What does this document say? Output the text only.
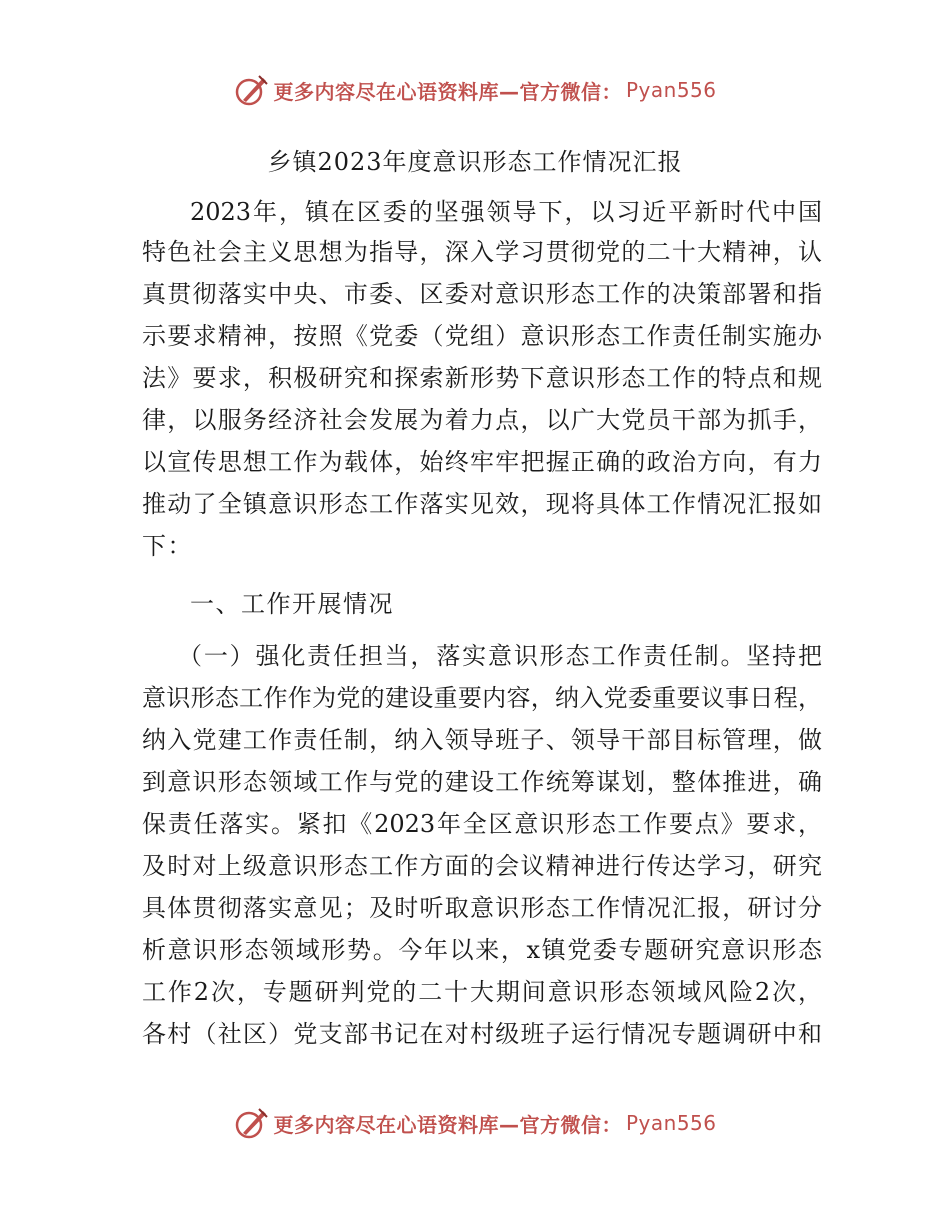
更多内容尽在心语资料库—官方微信： Pyan556
乡镇2023年度意识形态工作情况汇报
2023年，镇在区委的坚强领导下，以习近平新时代中国
特色社会主义思想为指导，深入学习贯彻党的二十大精神，认
真贯彻落实中央、市委、区委对意识形态工作的决策部署和指
示要求精神，按照《党委（党组）意识形态工作责任制实施办
法》要求，积极研究和探索新形势下意识形态工作的特点和规
律，以服务经济社会发展为着力点，以广大党员干部为抓手，
以宣传思想工作为载体，始终牢牢把握正确的政治方向，有力
推动了全镇意识形态工作落实见效，现将具体工作情况汇报如
下：
一、工作开展情况
（一）强化责任担当，落实意识形态工作责任制。坚持把
意识形态工作作为党的建设重要内容，纳入党委重要议事日程，
纳入党建工作责任制，纳入领导班子、领导干部目标管理，做
到意识形态领域工作与党的建设工作统筹谋划，整体推进，确
保责任落实。紧扣《2023年全区意识形态工作要点》要求，
及时对上级意识形态工作方面的会议精神进行传达学习，研究
具体贯彻落实意见；及时听取意识形态工作情况汇报，研讨分
析意识形态领域形势。今年以来，x镇党委专题研究意识形态
工作2次，专题研判党的二十大期间意识形态领域风险2次，
各村（社区）党支部书记在对村级班子运行情况专题调研中和
更多内容尽在心语资料库—官方微信： Pyan556
